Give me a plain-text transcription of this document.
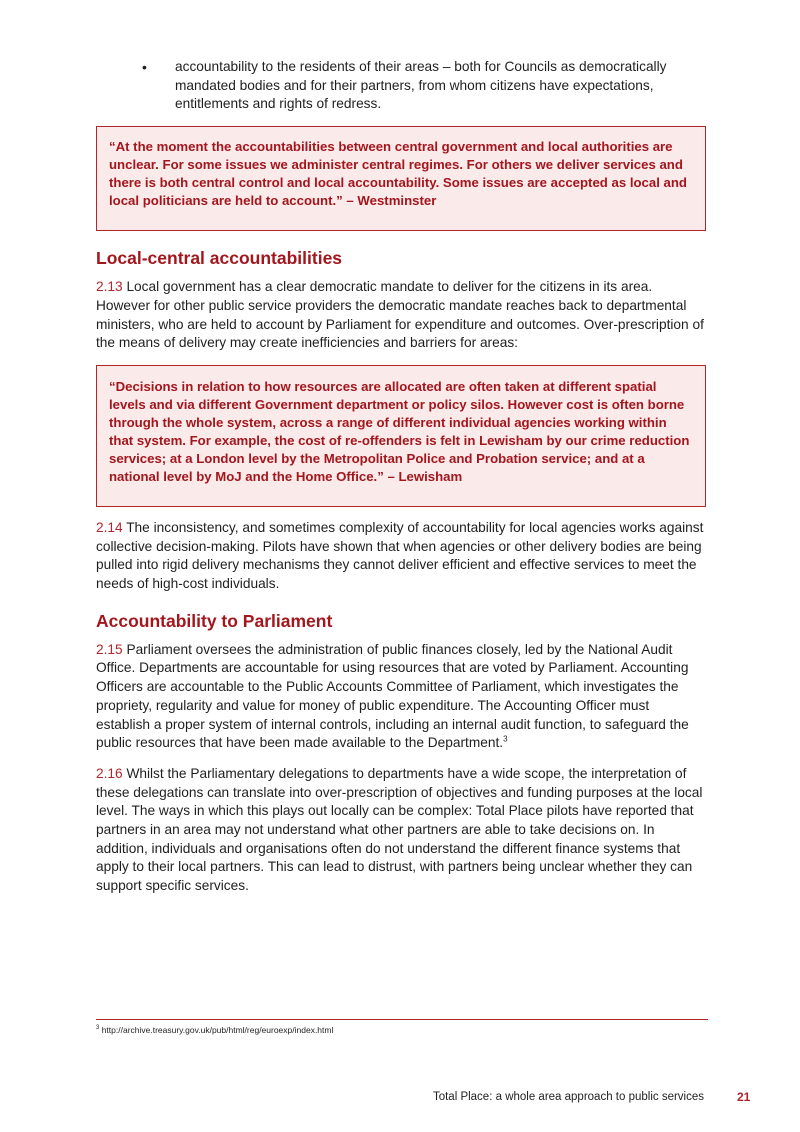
•	accountability to the residents of their areas – both for Councils as democratically mandated bodies and for their partners, from whom citizens have expectations, entitlements and rights of redress.
“At the moment the accountabilities between central government and local authorities are unclear. For some issues we administer central regimes. For others we deliver services and there is both central control and local accountability. Some issues are accepted as local and local politicians are held to account.” – Westminster
Local-central accountabilities

2.13 Local government has a clear democratic mandate to deliver for the citizens in its area. However for other public service providers the democratic mandate reaches back to departmental ministers, who are held to account by Parliament for expenditure and outcomes. Over-prescription of the means of delivery may create inefficiencies and barriers for areas:

“Decisions in relation to how resources are allocated are often taken at different spatial levels and via different Government department or policy silos. However cost is often borne through the whole system, across a range of different individual agencies working within that system. For example, the cost of re-offenders is felt in Lewisham by our crime reduction services; at a London level by the Metropolitan Police and Probation service; and at a national level by MoJ and the Home Office.” – Lewisham

2.14 The inconsistency, and sometimes complexity of accountability for local agencies works against collective decision-making. Pilots have shown that when agencies or other delivery bodies are being pulled into rigid delivery mechanisms they cannot deliver efficient and effective services to meet the needs of high-cost individuals.

Accountability to Parliament

2.15 Parliament oversees the administration of public finances closely, led by the National Audit Office. Departments are accountable for using resources that are voted by Parliament. Accounting Officers are accountable to the Public Accounts Committee of Parliament, which investigates the propriety, regularity and value for money of public expenditure. The Accounting Officer must establish a proper system of internal controls, including an internal audit function, to safeguard the public resources that have been made available to the Department.$^3$

2.16 Whilst the Parliamentary delegations to departments have a wide scope, the interpretation of these delegations can translate into over-prescription of objectives and funding purposes at the local level. The ways in which this plays out locally can be complex: Total Place pilots have reported that partners in an area may not understand what other partners are able to take decisions on. In addition, individuals and organisations often do not understand the different finance systems that apply to their local partners. This can lead to distrust, with partners being unclear whether they can support specific services.

$^3$ http://archive.treasury.gov.uk/pub/html/reg/euroexp/index.html
Total Place: a whole area approach to public services	21
